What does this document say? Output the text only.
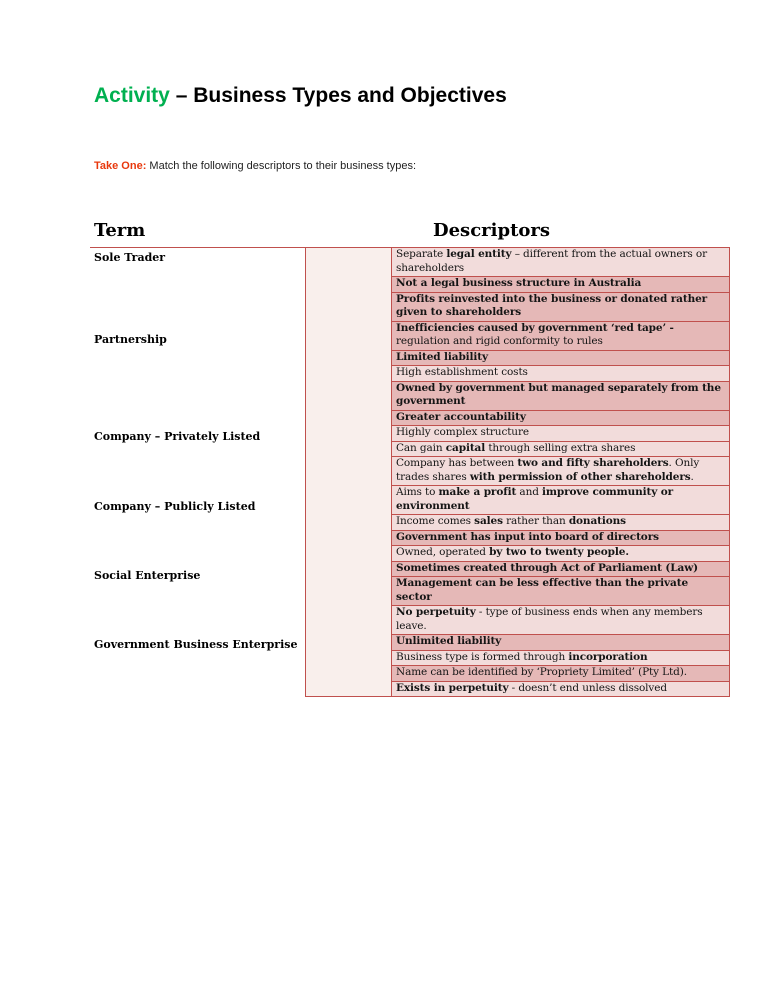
Activity – Business Types and Objectives

Take One: Match the following descriptors to their business types:

Term	Descriptors
Sole Trader
Partnership
Company – Privately Listed
Company – Publicly Listed
Social Enterprise
Government Business Enterprise
Separate legal entity – different from the actual owners or shareholders
Not a legal business structure in Australia
Profits reinvested into the business or donated rather given to shareholders
Inefficiencies caused by government ‘red tape’ - regulation and rigid conformity to rules
Limited liability
High establishment costs
Owned by government but managed separately from the government
Greater accountability
Highly complex structure
Can gain capital through selling extra shares
Company has between two and fifty shareholders. Only trades shares with permission of other shareholders.
Aims to make a profit and improve community or environment
Income comes sales rather than donations
Government has input into board of directors
Owned, operated by two to twenty people.
Sometimes created through Act of Parliament (Law)
Management can be less effective than the private sector
No perpetuity - type of business ends when any members leave.
Unlimited liability
Business type is formed through incorporation
Name can be identified by ‘Propriety Limited’ (Pty Ltd).
Exists in perpetuity - doesn’t end unless dissolved
